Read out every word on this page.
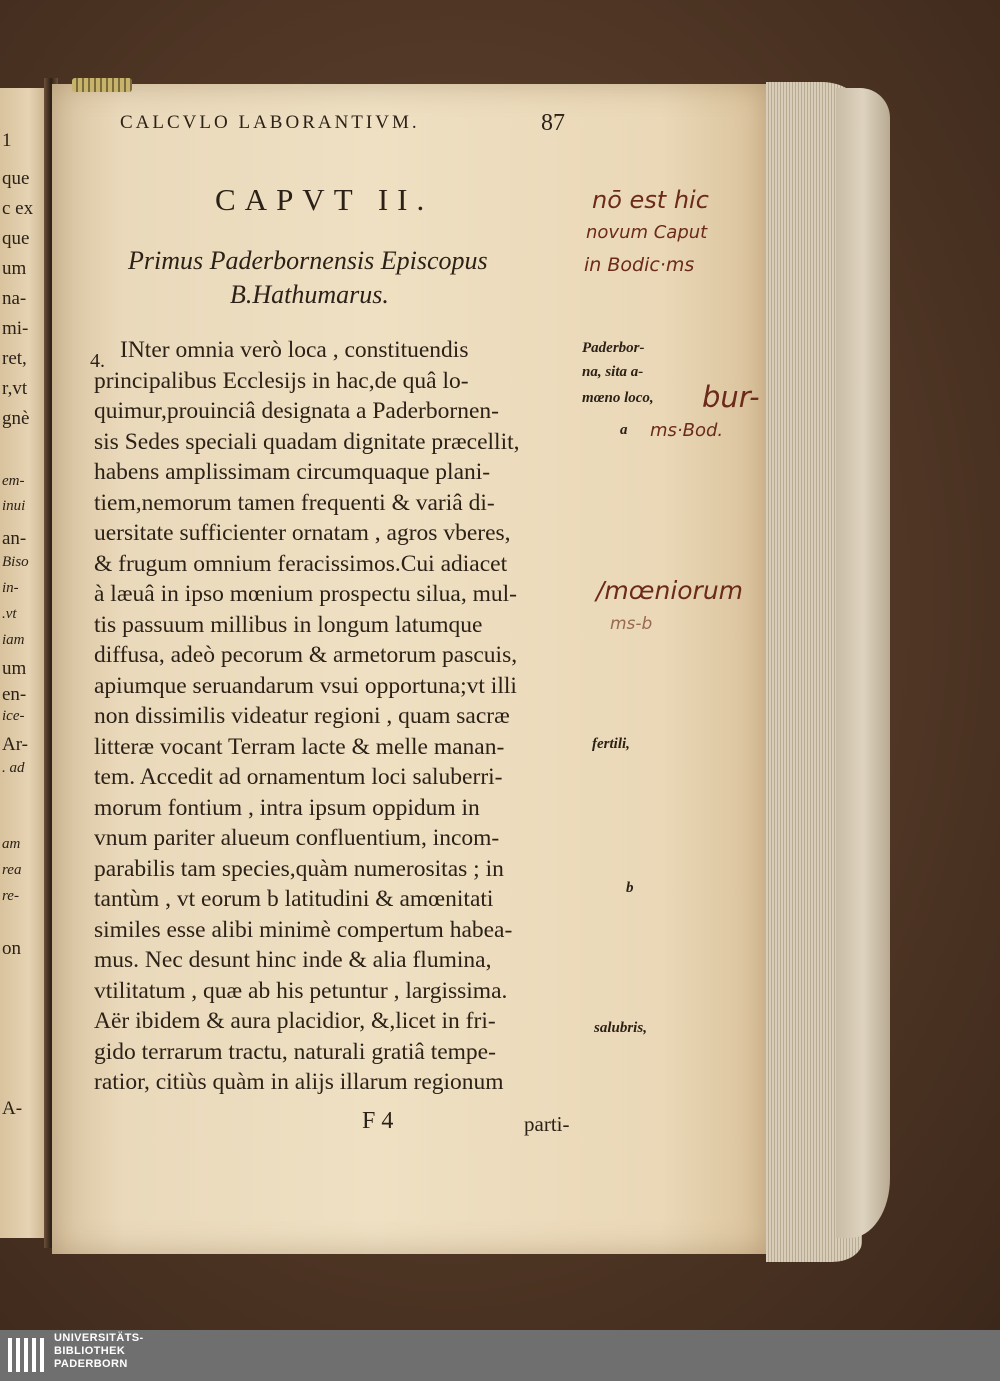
1
que
c ex
que
um
na-
mi-
ret,
r,vt
gnè
em-
inui
an-
Biso
in-
.vt
iam
um
en-
ice-
Ar-
. ad
am
rea
re-
on
A-
CALCVLO LABORANTIVM.	87
CAPVT II.
Primus Paderbornensis Episcopus
B.Hathumarus.
4. INter omnia verò loca , constituendis
principalibus Ecclesijs in hac,de quâ lo-
quimur,prouinciâ designata a Paderbornen-
sis Sedes speciali quadam dignitate præcellit,
habens amplissimam circumquaque plani-
tiem,nemorum tamen frequenti & variâ di-
uersitate sufficienter ornatam , agros vberes,
& frugum omnium feracissimos.Cui adiacet
à læuâ in ipso mœnium prospectu silua, mul-
tis passuum millibus in longum latumque
diffusa, adeò pecorum & armetorum pascuis,
apiumque seruandarum vsui opportuna;vt illi
non dissimilis videatur regioni , quam sacræ
litteræ vocant Terram lacte & melle manan-
tem. Accedit ad ornamentum loci saluberri-
morum fontium , intra ipsum oppidum in
vnum pariter alueum confluentium, incom-
parabilis tam species,quàm numerositas ; in
tantùm , vt eorum b latitudini & amœnitati
similes esse alibi minimè compertum habea-
mus. Nec desunt hinc inde & alia flumina,
vtilitatum , quæ ab his petuntur , largissima.
Aër ibidem & aura placidior, &,licet in fri-
gido terrarum tractu, naturali gratiâ tempe-
ratior, citiùs quàm in alijs illarum regionum
Paderbor-
na, sita a-
mœno loco,
a
fertili,
b
salubris,
nō est hic
novum Caput
in Bodic·ms
bur-
ms·Bod.
/mœniorum
ms-b
F 4	parti-
UNIVERSITÄTS-
BIBLIOTHEK
PADERBORN
